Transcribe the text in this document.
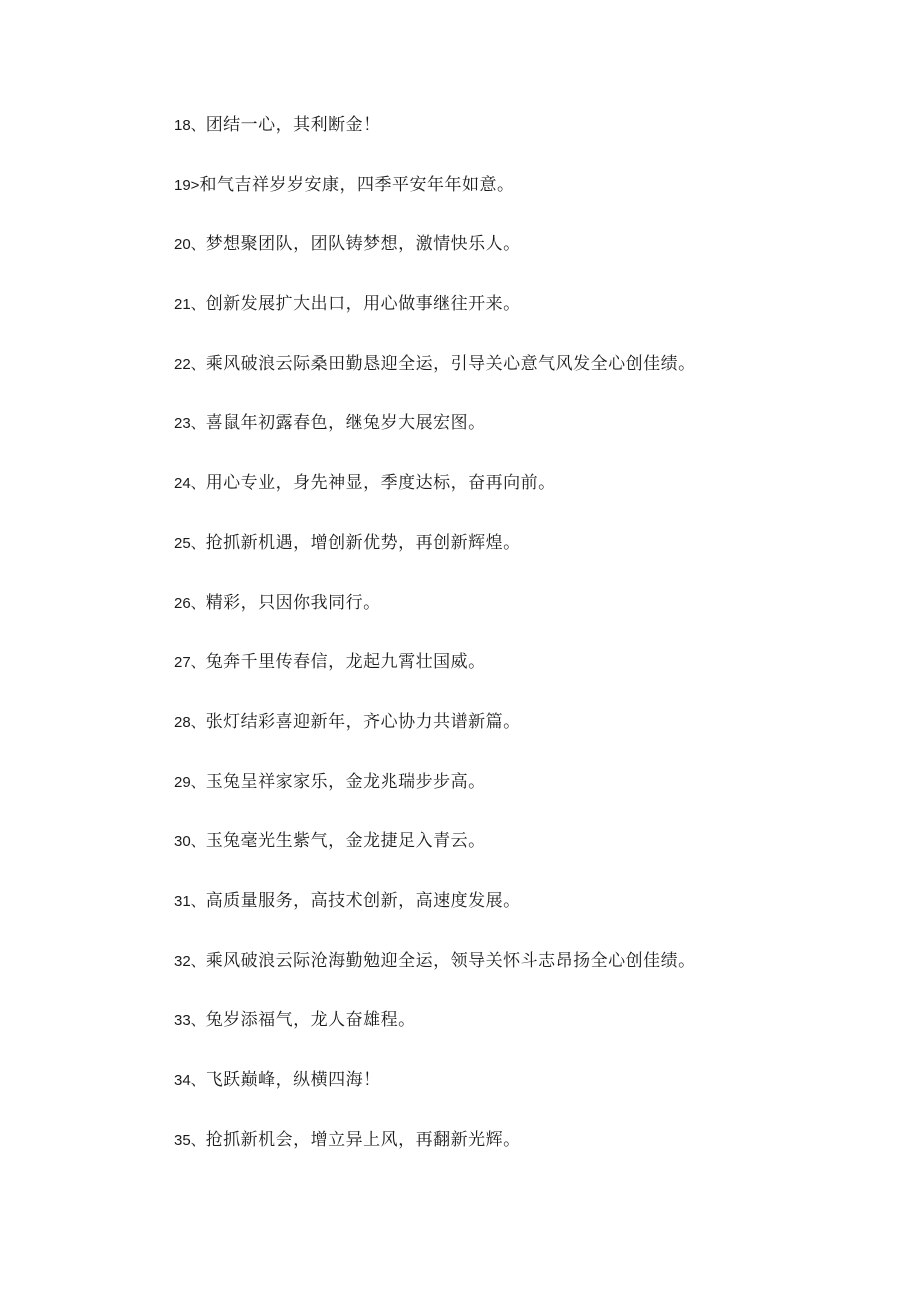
18、团结一心，其利断金！
19>和气吉祥岁岁安康，四季平安年年如意。
20、梦想聚团队，团队铸梦想，激情快乐人。
21、创新发展扩大出口，用心做事继往开来。
22、乘风破浪云际桑田勤恳迎全运，引导关心意气风发全心创佳绩。
23、喜鼠年初露春色，继兔岁大展宏图。
24、用心专业，身先神显，季度达标，奋再向前。
25、抢抓新机遇，增创新优势，再创新辉煌。
26、精彩，只因你我同行。
27、兔奔千里传春信，龙起九霄壮国威。
28、张灯结彩喜迎新年，齐心协力共谱新篇。
29、玉兔呈祥家家乐，金龙兆瑞步步高。
30、玉兔毫光生紫气，金龙捷足入青云。
31、高质量服务，高技术创新，高速度发展。
32、乘风破浪云际沧海勤勉迎全运，领导关怀斗志昂扬全心创佳绩。
33、兔岁添福气，龙人奋雄程。
34、飞跃巅峰，纵横四海！
35、抢抓新机会，增立异上风，再翻新光辉。
